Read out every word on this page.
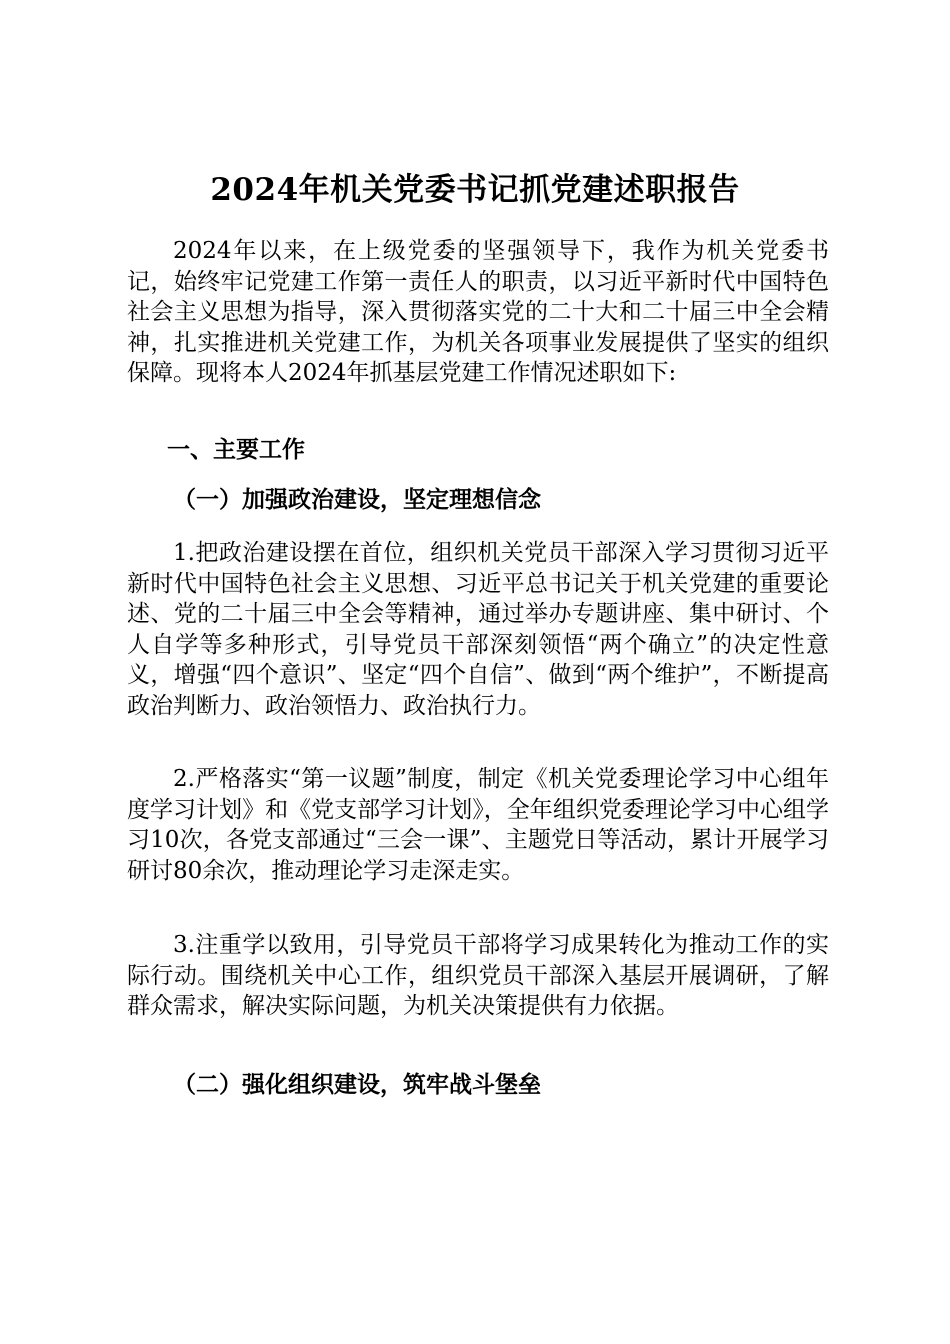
2024年机关党委书记抓党建述职报告

2024年以来，在上级党委的坚强领导下，我作为机关党委书记，始终牢记党建工作第一责任人的职责，以习近平新时代中国特色社会主义思想为指导，深入贯彻落实党的二十大和二十届三中全会精神，扎实推进机关党建工作，为机关各项事业发展提供了坚实的组织保障。现将本人2024年抓基层党建工作情况述职如下:

一、主要工作
（一）加强政治建设，坚定理想信念

1.把政治建设摆在首位，组织机关党员干部深入学习贯彻习近平新时代中国特色社会主义思想、习近平总书记关于机关党建的重要论述、党的二十届三中全会等精神，通过举办专题讲座、集中研讨、个人自学等多种形式，引导党员干部深刻领悟“两个确立”的决定性意义，增强“四个意识”、坚定“四个自信”、做到“两个维护”，不断提高政治判断力、政治领悟力、政治执行力。

2.严格落实“第一议题”制度，制定《机关党委理论学习中心组年度学习计划》和《党支部学习计划》，全年组织党委理论学习中心组学习10次，各党支部通过“三会一课”、主题党日等活动，累计开展学习研讨80余次，推动理论学习走深走实。

3.注重学以致用，引导党员干部将学习成果转化为推动工作的实际行动。围绕机关中心工作，组织党员干部深入基层开展调研，了解群众需求，解决实际问题，为机关决策提供有力依据。

（二）强化组织建设，筑牢战斗堡垒
